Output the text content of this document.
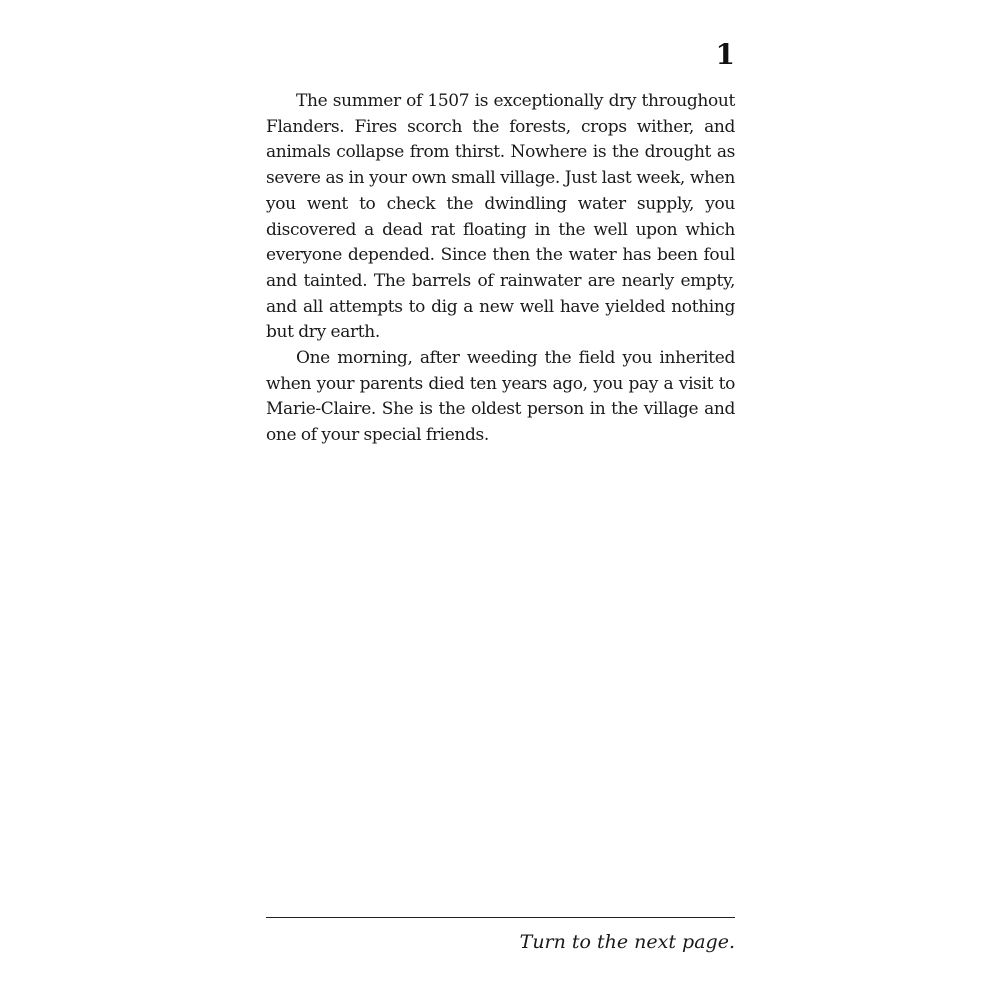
1

The summer of 1507 is exceptionally dry throughout Flanders. Fires scorch the forests, crops wither, and animals collapse from thirst. Nowhere is the drought as severe as in your own small village. Just last week, when you went to check the dwindling water supply, you discovered a dead rat floating in the well upon which everyone depended. Since then the water has been foul and tainted. The barrels of rainwater are nearly empty, and all attempts to dig a new well have yielded nothing but dry earth.

One morning, after weeding the field you inherited when your parents died ten years ago, you pay a visit to Marie-Claire. She is the oldest person in the village and one of your special friends.

Turn to the next page.
